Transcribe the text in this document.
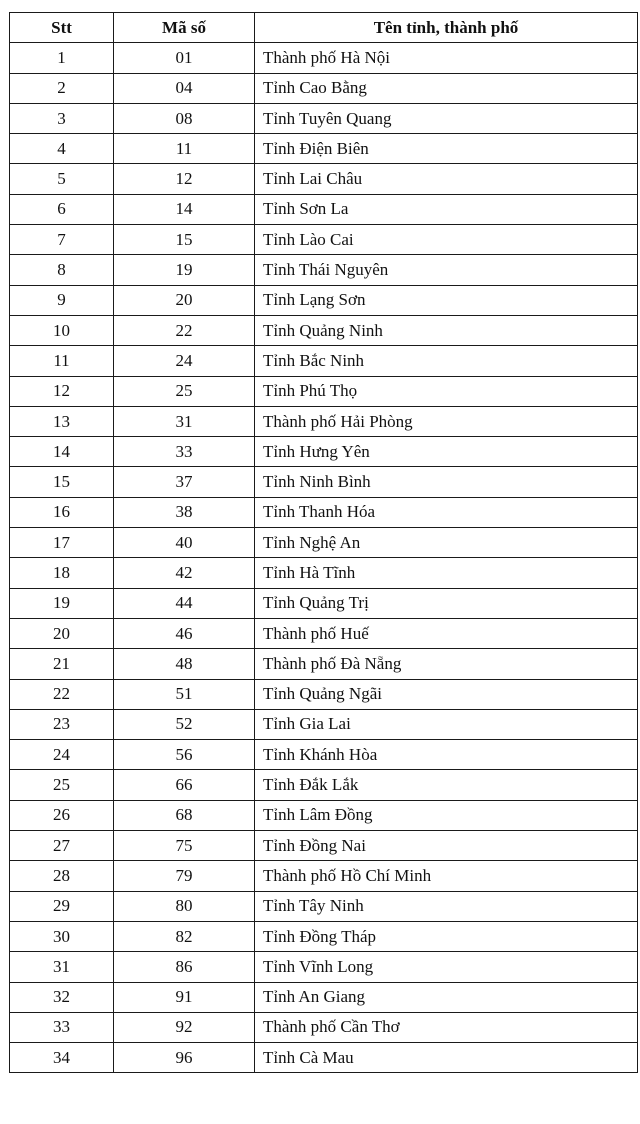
Stt	Mã số	Tên tỉnh, thành phố
1	01	Thành phố Hà Nội
2	04	Tỉnh Cao Bằng
3	08	Tỉnh Tuyên Quang
4	11	Tỉnh Điện Biên
5	12	Tỉnh Lai Châu
6	14	Tỉnh Sơn La
7	15	Tỉnh Lào Cai
8	19	Tỉnh Thái Nguyên
9	20	Tỉnh Lạng Sơn
10	22	Tỉnh Quảng Ninh
11	24	Tỉnh Bắc Ninh
12	25	Tỉnh Phú Thọ
13	31	Thành phố Hải Phòng
14	33	Tỉnh Hưng Yên
15	37	Tỉnh Ninh Bình
16	38	Tỉnh Thanh Hóa
17	40	Tỉnh Nghệ An
18	42	Tỉnh Hà Tĩnh
19	44	Tỉnh Quảng Trị
20	46	Thành phố Huế
21	48	Thành phố Đà Nẵng
22	51	Tỉnh Quảng Ngãi
23	52	Tỉnh Gia Lai
24	56	Tỉnh Khánh Hòa
25	66	Tỉnh Đắk Lắk
26	68	Tỉnh Lâm Đồng
27	75	Tỉnh Đồng Nai
28	79	Thành phố Hồ Chí Minh
29	80	Tỉnh Tây Ninh
30	82	Tỉnh Đồng Tháp
31	86	Tỉnh Vĩnh Long
32	91	Tỉnh An Giang
33	92	Thành phố Cần Thơ
34	96	Tỉnh Cà Mau
